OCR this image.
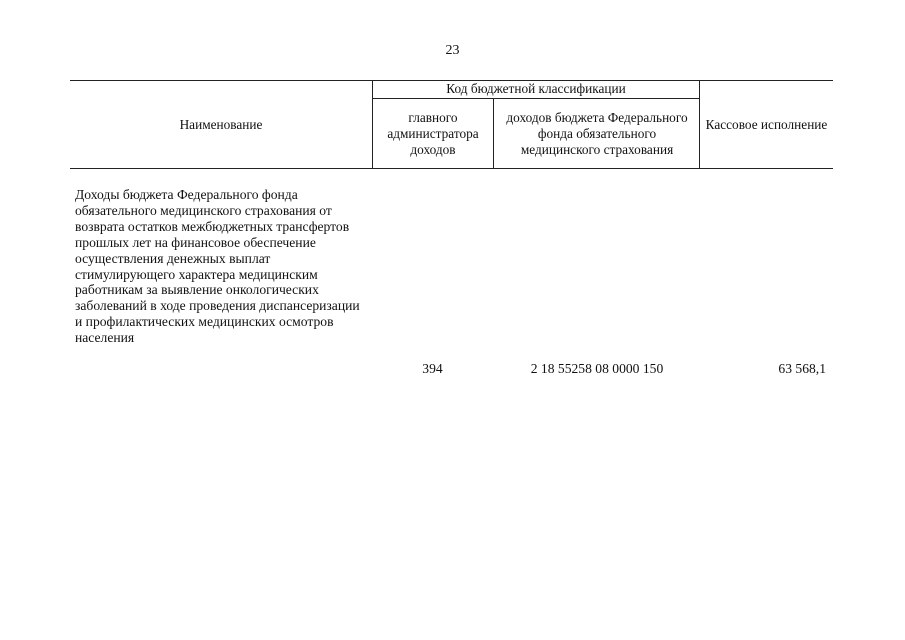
23
Наименование
Код бюджетной классификации
главного администратора доходов
доходов бюджета Федерального фонда обязательного медицинского страхования
Кассовое исполнение
Доходы бюджета Федерального фонда обязательного медицинского страхования от возврата остатков межбюджетных трансфертов прошлых лет на финансовое обеспечение осуществления денежных выплат стимулирующего характера медицинским работникам за выявление онкологических заболеваний в ходе проведения диспансеризации и профилактических медицинских осмотров населения
394	2 18 55258 08 0000 150	63 568,1
